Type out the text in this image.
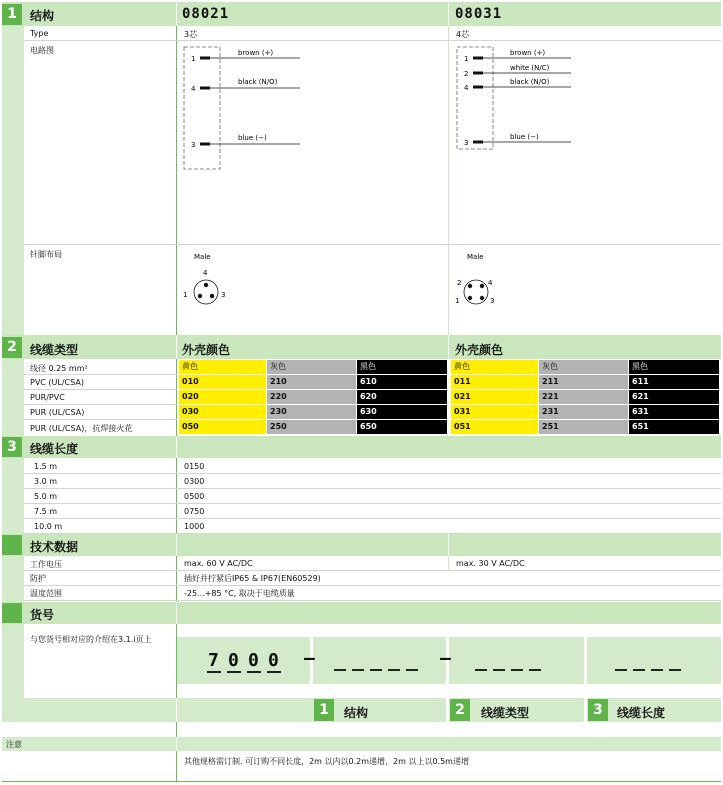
1	结构	08021	08031
Type	3芯	4芯
电路图
1
4
3
brown (+)
black (N/O)
blue (−)
1
2
4
3
brown (+)
white (N/C)
black (N/O)
blue (−)
针脚布局	Male
4
1	3
Male
2	4
1	3
2	线缆类型	外壳颜色	外壳颜色
线径 0.25 mm²	黄色	灰色	黑色	黄色	灰色	黑色
PVC (UL/CSA)	010	210	610	011	211	611
PUR/PVC	020	220	620	021	221	621
PUR (UL/CSA)	030	230	630	031	231	631
PUR (UL/CSA)，抗焊接火花	050	250	650	051	251	651
3	线缆长度
1.5 m	0150
3.0 m	0300
5.0 m	0500
7.5 m	0750
10.0 m	1000
技术数据
工作电压	max. 60 V AC/DC	max. 30 V AC/DC
防护	插好并拧紧后IP65 & IP67(EN60529)
温度范围	-25...+85 °C, 取决于电缆质量
货号
与您货号相对应的介绍在3.1.i页上
7 0 0 0 –	–
1	结构	2	线缆类型	3	线缆长度
注意
其他规格需订制. 可订购不同长度，2m 以内以0.2m递增，2m 以上以0.5m递增
